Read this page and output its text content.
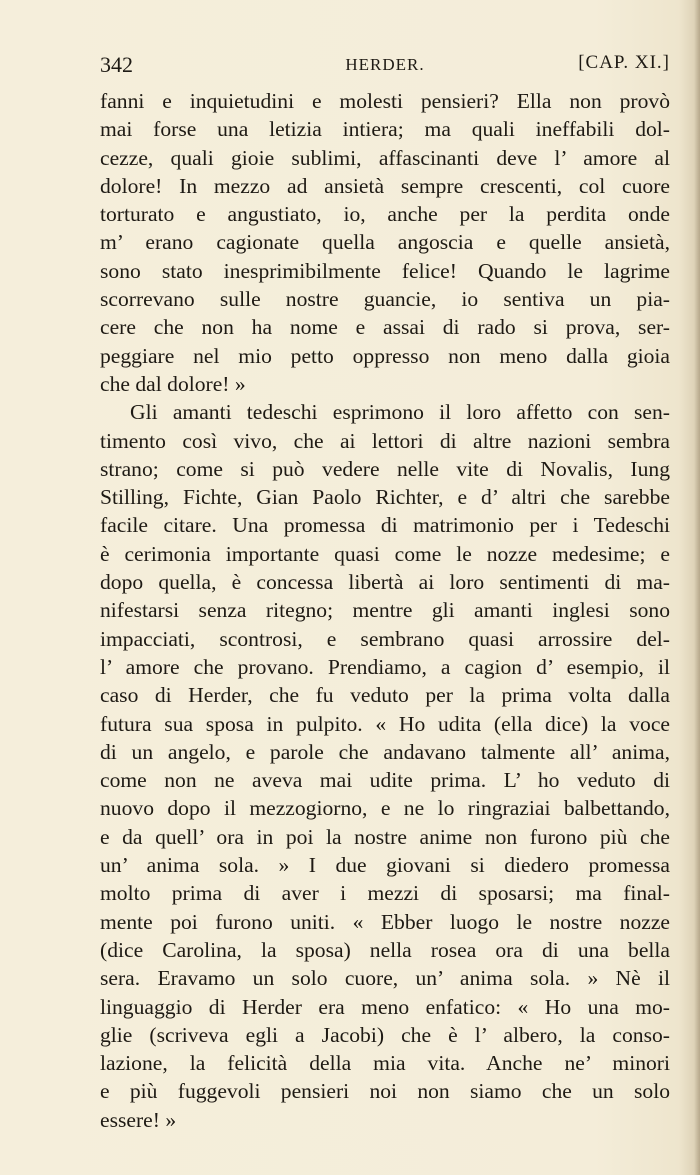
342	HERDER.	[CAP. XI.]
fanni e inquietudini e molesti pensieri? Ella non provò
mai forse una letizia intiera; ma quali ineffabili dol-
cezze, quali gioie sublimi, affascinanti deve l’ amore al
dolore! In mezzo ad ansietà sempre crescenti, col cuore
torturato e angustiato, io, anche per la perdita onde
m’ erano cagionate quella angoscia e quelle ansietà,
sono stato inesprimibilmente felice! Quando le lagrime
scorrevano sulle nostre guancie, io sentiva un pia-
cere che non ha nome e assai di rado si prova, ser-
peggiare nel mio petto oppresso non meno dalla gioia
che dal dolore! »
Gli amanti tedeschi esprimono il loro affetto con sen-
timento così vivo, che ai lettori di altre nazioni sembra
strano; come si può vedere nelle vite di Novalis, Iung
Stilling, Fichte, Gian Paolo Richter, e d’ altri che sarebbe
facile citare. Una promessa di matrimonio per i Tedeschi
è cerimonia importante quasi come le nozze medesime; e
dopo quella, è concessa libertà ai loro sentimenti di ma-
nifestarsi senza ritegno; mentre gli amanti inglesi sono
impacciati, scontrosi, e sembrano quasi arrossire del-
l’ amore che provano. Prendiamo, a cagion d’ esempio, il
caso di Herder, che fu veduto per la prima volta dalla
futura sua sposa in pulpito. « Ho udita (ella dice) la voce
di un angelo, e parole che andavano talmente all’ anima,
come non ne aveva mai udite prima. L’ ho veduto di
nuovo dopo il mezzogiorno, e ne lo ringraziai balbettando,
e da quell’ ora in poi la nostre anime non furono più che
un’ anima sola. » I due giovani si diedero promessa
molto prima di aver i mezzi di sposarsi; ma final-
mente poi furono uniti. « Ebber luogo le nostre nozze
(dice Carolina, la sposa) nella rosea ora di una bella
sera. Eravamo un solo cuore, un’ anima sola. » Nè il
linguaggio di Herder era meno enfatico: « Ho una mo-
glie (scriveva egli a Jacobi) che è l’ albero, la conso-
lazione, la felicità della mia vita. Anche ne’ minori
e più fuggevoli pensieri noi non siamo che un solo
essere! »
